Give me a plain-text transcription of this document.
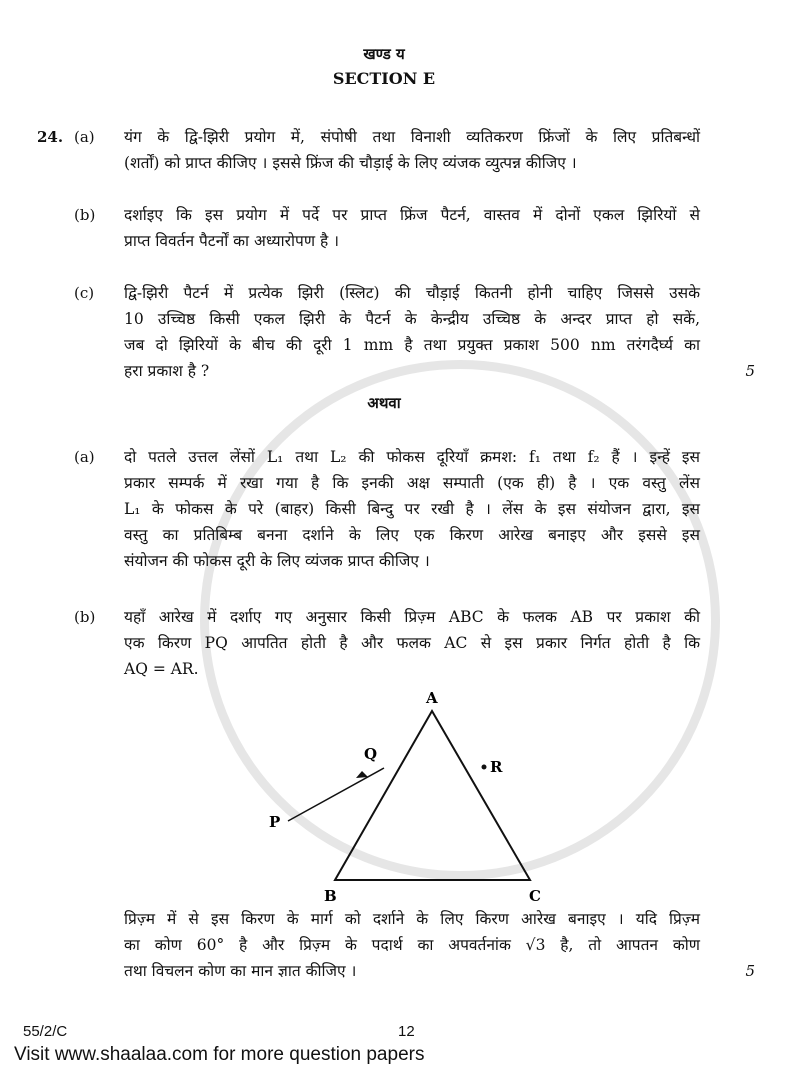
खण्ड य
SECTION E
24. (a)	यंग के द्वि-झिरी प्रयोग में, संपोषी तथा विनाशी व्यतिकरण फ्रिंजों के लिए प्रतिबन्धों
(शर्तों) को प्राप्त कीजिए । इससे फ्रिंज की चौड़ाई के लिए व्यंजक व्युत्पन्न कीजिए ।
(b)	दर्शाइए कि इस प्रयोग में पर्दे पर प्राप्त फ्रिंज पैटर्न, वास्तव में दोनों एकल झिरियों से
प्राप्त विवर्तन पैटर्नों का अध्यारोपण है ।
(c)	द्वि-झिरी पैटर्न में प्रत्येक झिरी (स्लिट) की चौड़ाई कितनी होनी चाहिए जिससे उसके
10 उच्चिष्ठ किसी एकल झिरी के पैटर्न के केन्द्रीय उच्चिष्ठ के अन्दर प्राप्त हो सकें,
जब दो झिरियों के बीच की दूरी 1 mm है तथा प्रयुक्त प्रकाश 500 nm तरंगदैर्घ्य का
हरा प्रकाश है ?	5
अथवा
(a)	दो पतले उत्तल लेंसों L₁ तथा L₂ की फोकस दूरियाँ क्रमश: f₁ तथा f₂ हैं । इन्हें इस
प्रकार सम्पर्क में रखा गया है कि इनकी अक्ष सम्पाती (एक ही) है । एक वस्तु लेंस
L₁ के फोकस के परे (बाहर) किसी बिन्दु पर रखी है । लेंस के इस संयोजन द्वारा, इस
वस्तु का प्रतिबिम्ब बनना दर्शाने के लिए एक किरण आरेख बनाइए और इससे इस
संयोजन की फोकस दूरी के लिए व्यंजक प्राप्त कीजिए ।
(b)	यहाँ आरेख में दर्शाए गए अनुसार किसी प्रिज़्म ABC के फलक AB पर प्रकाश की
एक किरण PQ आपतित होती है और फलक AC से इस प्रकार निर्गत होती है कि
AQ = AR.
A
B	C
P
Q
R
प्रिज़्म में से इस किरण के मार्ग को दर्शाने के लिए किरण आरेख बनाइए । यदि प्रिज़्म
का कोण 60° है और प्रिज़्म के पदार्थ का अपवर्तनांक √3 है, तो आपतन कोण
तथा विचलन कोण का मान ज्ञात कीजिए ।	5
55/2/C	12
Visit www.shaalaa.com for more question papers
